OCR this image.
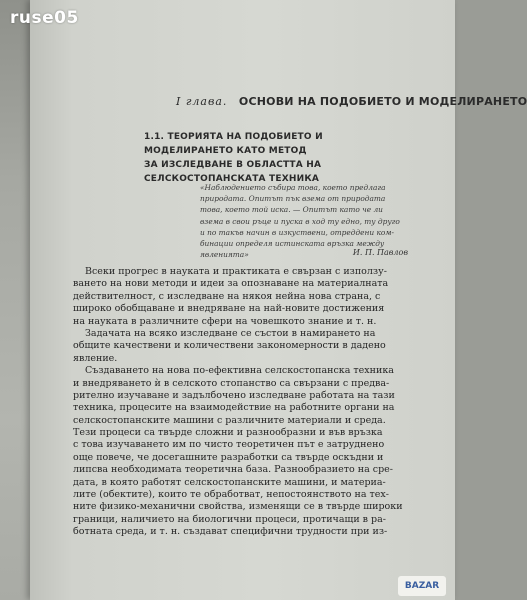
I глава. ОСНОВИ НА ПОДОБИЕТО И МОДЕЛИРАНЕТО
1.1. ТЕОРИЯТА НА ПОДОБИЕТО И МОДЕЛИРАНЕТО КАТО МЕТОД
ЗА ИЗСЛЕДВАНЕ В ОБЛАСТТА НА СЕЛСКОСТОПАНСКАТА ТЕХНИКА
«Наблюдението събира това, което предлага
природата. Опитът пък взема от природата
това, което той иска. — Опитът като че ли
взема в свои ръце и пуска в ход ту едно, ту друго
и по такъв начин в изкуствени, отреддени ком-
бинации определя истинската връзка между
явленията»	И. П. Павлов
Всеки прогрес в науката и практиката е свързан с използу-
ването на нови методи и идеи за опознаване на материалната
действителност, с изследване на някоя нейна нова страна, с
широко обобщаване и внедряване на най-новите достижения
на науката в различните сфери на човешкото знание и т. н.
Задачата на всяко изследване се състои в намирането на
общите качествени и количествени закономерности в дадено
явление.
Създаването на нова по-ефективна селскостопанска техника
и внедряването ѝ в селското стопанство са свързани с предва-
рително изучаване и задълбочено изследване работата на тази
техника, процесите на взаимодействие на работните органи на
селскостопанските машини с различните материали и среда.
Тези процеси са твърде сложни и разнообразни и във връзка
с това изучаването им по чисто теоретичен път е затруднено
още повече, че досегашните разработки са твърде оскъдни и
липсва необходимата теоретична база. Разнообразието на сре-
дата, в която работят селскостопанските машини, и материа-
лите (обектите), които те обработват, непостоянството на тех-
ните физико-механични свойства, изменящи се в твърде широки
граници, наличието на биологични процеси, протичащи в ра-
ботната среда, и т. н. създават специфични трудности при из-
ruse05
BAZAR
